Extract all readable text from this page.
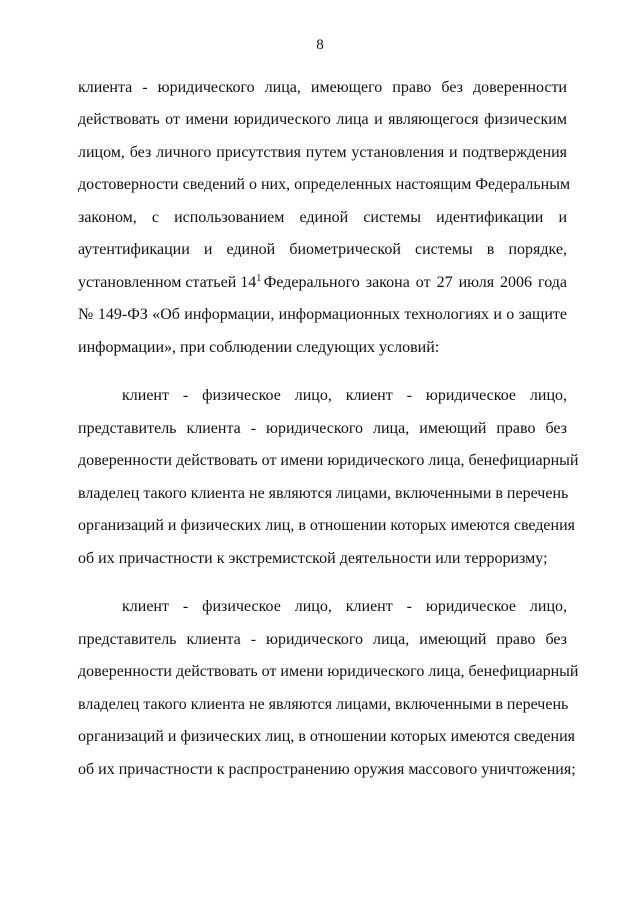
8
клиента - юридического лица, имеющего право без доверенности
действовать от имени юридического лица и являющегося физическим
лицом, без личного присутствия путем установления и подтверждения
достоверности сведений о них, определенных настоящим Федеральным
законом, с использованием единой системы идентификации и
аутентификации и единой биометрической системы в порядке,
установленном статьей $14^1$ Федерального закона от 27 июля 2006 года
№ 149-ФЗ «Об информации, информационных технологиях и о защите
информации», при соблюдении следующих условий:
клиент - физическое лицо, клиент - юридическое лицо,
представитель клиента - юридического лица, имеющий право без
доверенности действовать от имени юридического лица, бенефициарный
владелец такого клиента не являются лицами, включенными в перечень
организаций и физических лиц, в отношении которых имеются сведения
об их причастности к экстремистской деятельности или терроризму;
клиент - физическое лицо, клиент - юридическое лицо,
представитель клиента - юридического лица, имеющий право без
доверенности действовать от имени юридического лица, бенефициарный
владелец такого клиента не являются лицами, включенными в перечень
организаций и физических лиц, в отношении которых имеются сведения
об их причастности к распространению оружия массового уничтожения;
